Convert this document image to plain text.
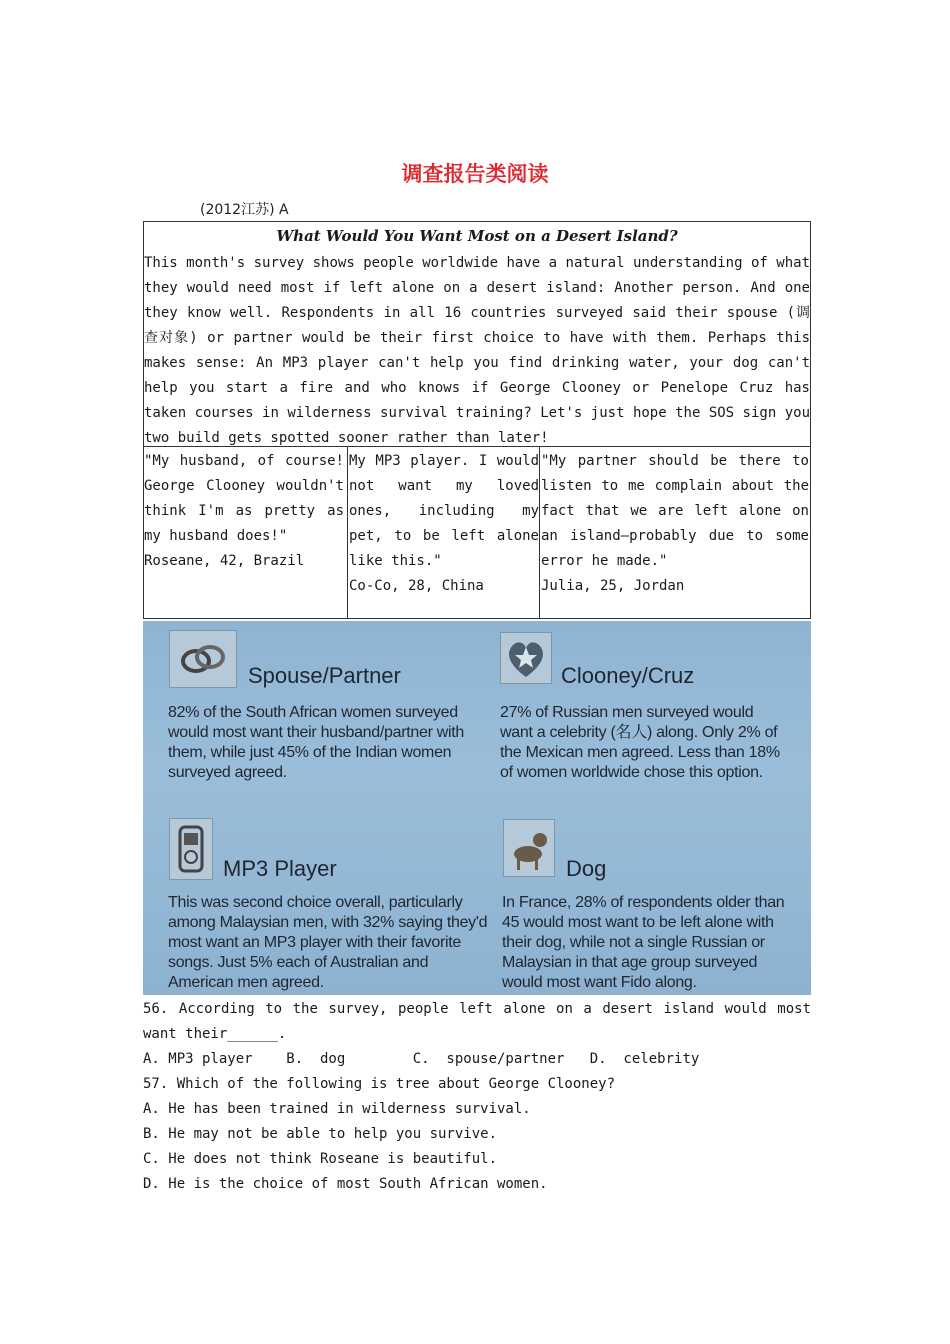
调查报告类阅读
(2012江苏) A
What Would You Want Most on a Desert Island?
This month's survey shows people worldwide have a natural understanding of what they would need most if left alone on a desert island: Another person. And one they know well. Respondents in all 16 countries surveyed said their spouse (调查对象) or partner would be their first choice to have with them. Perhaps this makes sense: An MP3 player can't help you find drinking water, your dog can't help you start a fire and who knows if George Clooney or Penelope Cruz has taken courses in wilderness survival training? Let's just hope the SOS sign you two build gets spotted sooner rather than later!
"My husband, of course! George Clooney wouldn't think I'm as pretty as my husband does!"
Roseane, 42, Brazil
My MP3 player. I would not want my loved ones, including my pet, to be left alone like this."
Co-Co, 28, China
"My partner should be there to listen to me complain about the fact that we are left alone on an island—probably due to some error he made."
Julia, 25, Jordan
Spouse/Partner
82% of the South African women surveyed would most want their husband/partner with them, while just 45% of the Indian women surveyed agreed.
Clooney/Cruz
27% of Russian men surveyed would want a celebrity (名人) along. Only 2% of the Mexican men agreed. Less than 18% of women worldwide chose this option.
MP3 Player
This was second choice overall, particularly among Malaysian men, with 32% saying they'd most want an MP3 player with their favorite songs. Just 5% each of Australian and American men agreed.
Dog
In France, 28% of respondents older than 45 would most want to be left alone with their dog, while not a single Russian or Malaysian in that age group surveyed would most want Fido along.
56. According to the survey, people left alone on a desert island would most want their______.
A. MP3 player    B.  dog        C.  spouse/partner   D.  celebrity
57. Which of the following is tree about George Clooney?
A. He has been trained in wilderness survival.
B. He may not be able to help you survive.
C. He does not think Roseane is beautiful.
D. He is the choice of most South African women.
